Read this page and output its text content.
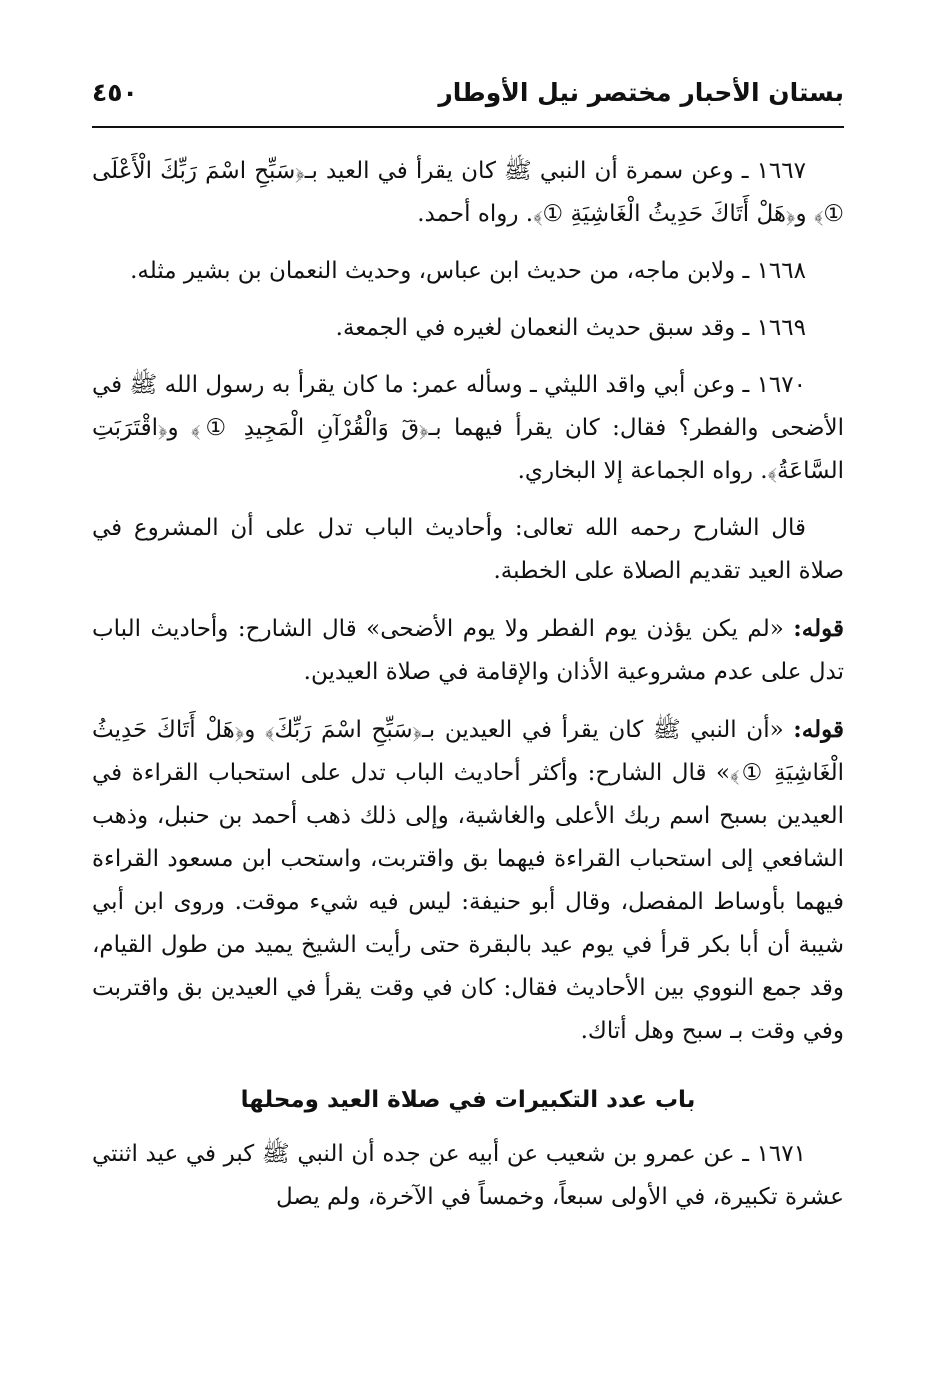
بستان الأحبار مختصر نيل الأوطار
٤٥٠

١٦٦٧ ـ وعن سمرة أن النبي ﷺ كان يقرأ في العيد بـ﴿سَبِّحِ اسْمَ رَبِّكَ الْأَعْلَى ①﴾ و﴿هَلْ أَتَاكَ حَدِيثُ الْغَاشِيَةِ ①﴾. رواه أحمد.

١٦٦٨ ـ ولابن ماجه، من حديث ابن عباس، وحديث النعمان بن بشير مثله.

١٦٦٩ ـ وقد سبق حديث النعمان لغيره في الجمعة.

١٦٧٠ ـ وعن أبي واقد الليثي ـ وسأله عمر: ما كان يقرأ به رسول الله ﷺ في الأضحى والفطر؟ فقال: كان يقرأ فيهما بـ﴿قٓ وَالْقُرْآنِ الْمَجِيدِ ①﴾ و﴿اقْتَرَبَتِ السَّاعَةُ﴾. رواه الجماعة إلا البخاري.

قال الشارح رحمه الله تعالى: وأحاديث الباب تدل على أن المشروع في صلاة العيد تقديم الصلاة على الخطبة.

قوله: «لم يكن يؤذن يوم الفطر ولا يوم الأضحى» قال الشارح: وأحاديث الباب تدل على عدم مشروعية الأذان والإقامة في صلاة العيدين.

قوله: «أن النبي ﷺ كان يقرأ في العيدين بـ﴿سَبِّحِ اسْمَ رَبِّكَ﴾ و﴿هَلْ أَتَاكَ حَدِيثُ الْغَاشِيَةِ ①﴾» قال الشارح: وأكثر أحاديث الباب تدل على استحباب القراءة في العيدين بسبح اسم ربك الأعلى والغاشية، وإلى ذلك ذهب أحمد بن حنبل، وذهب الشافعي إلى استحباب القراءة فيهما بق واقتربت، واستحب ابن مسعود القراءة فيهما بأوساط المفصل، وقال أبو حنيفة: ليس فيه شيء موقت. وروى ابن أبي شيبة أن أبا بكر قرأ في يوم عيد بالبقرة حتى رأيت الشيخ يميد من طول القيام، وقد جمع النووي بين الأحاديث فقال: كان في وقت يقرأ في العيدين بق واقتربت وفي وقت بـ سبح وهل أتاك.

باب عدد التكبيرات في صلاة العيد ومحلها

١٦٧١ ـ عن عمرو بن شعيب عن أبيه عن جده أن النبي ﷺ كبر في عيد اثنتي عشرة تكبيرة، في الأولى سبعاً، وخمساً في الآخرة، ولم يصل
